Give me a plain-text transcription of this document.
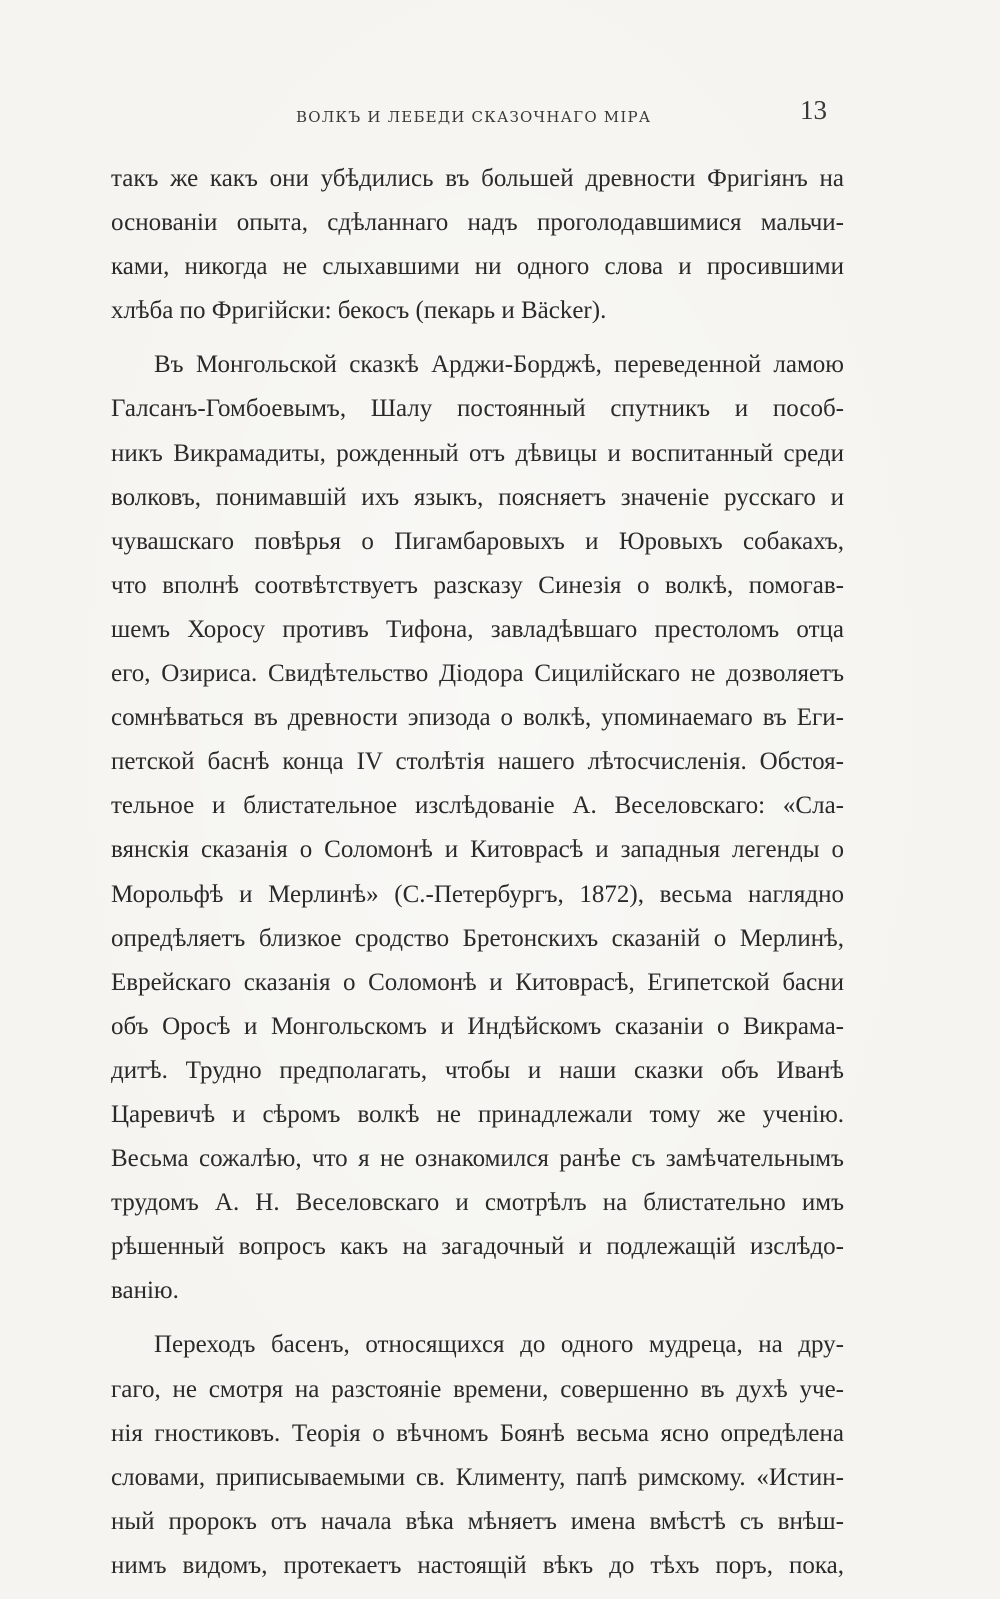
ВОЛКЪ И ЛЕБЕДИ СКАЗОЧНАГО МІРА	13
такъ же какъ они убѣдились въ большей древности Фригіянъ на
основаніи опыта, сдѣланнаго надъ проголодавшимися мальчи-
ками, никогда не слыхавшими ни одного слова и просившими
хлѣба по Фригійски: бекосъ (пекарь и Bäcker).
Въ Монгольской сказкѣ Арджи-Борджѣ, переведенной ламою
Галсанъ-Гомбоевымъ, Шалу постоянный спутникъ и пособ-
никъ Викрамадиты, рожденный отъ дѣвицы и воспитанный среди
волковъ, понимавшій ихъ языкъ, поясняетъ значеніе русскаго и
чувашскаго повѣрья о Пигамбаровыхъ и Юровыхъ собакахъ,
что вполнѣ соотвѣтствуетъ разсказу Синезія о волкѣ, помогав-
шемъ Хоросу противъ Тифона, завладѣвшаго престоломъ отца
его, Озириса. Свидѣтельство Діодора Сицилійскаго не дозволяетъ
сомнѣваться въ древности эпизода о волкѣ, упоминаемаго въ Еги-
петской баснѣ конца IV столѣтія нашего лѣтосчисленія. Обстоя-
тельное и блистательное изслѣдованіе А. Веселовскаго: «Сла-
вянскія сказанія о Соломонѣ и Китоврасѣ и западныя легенды о
Морольфѣ и Мерлинѣ» (С.-Петербургъ, 1872), весьма наглядно
опредѣляетъ близкое сродство Бретонскихъ сказаній о Мерлинѣ,
Еврейскаго сказанія о Соломонѣ и Китоврасѣ, Египетской басни
объ Оросѣ и Монгольскомъ и Индѣйскомъ сказаніи о Викрама-
дитѣ. Трудно предполагать, чтобы и наши сказки объ Иванѣ
Царевичѣ и сѣромъ волкѣ не принадлежали тому же ученію.
Весьма сожалѣю, что я не ознакомился ранѣе съ замѣчательнымъ
трудомъ А. Н. Веселовскаго и смотрѣлъ на блистательно имъ
рѣшенный вопросъ какъ на загадочный и подлежащій изслѣдо-
ванію.
Переходъ басенъ, относящихся до одного мудреца, на дру-
гаго, не смотря на разстояніе времени, совершенно въ духѣ уче-
нія гностиковъ. Теорія о вѣчномъ Боянѣ весьма ясно опредѣлена
словами, приписываемыми св. Клименту, папѣ римскому. «Истин-
ный пророкъ отъ начала вѣка мѣняетъ имена вмѣстѣ съ внѣш-
нимъ видомъ, протекаетъ настоящій вѣкъ до тѣхъ поръ, пока,
